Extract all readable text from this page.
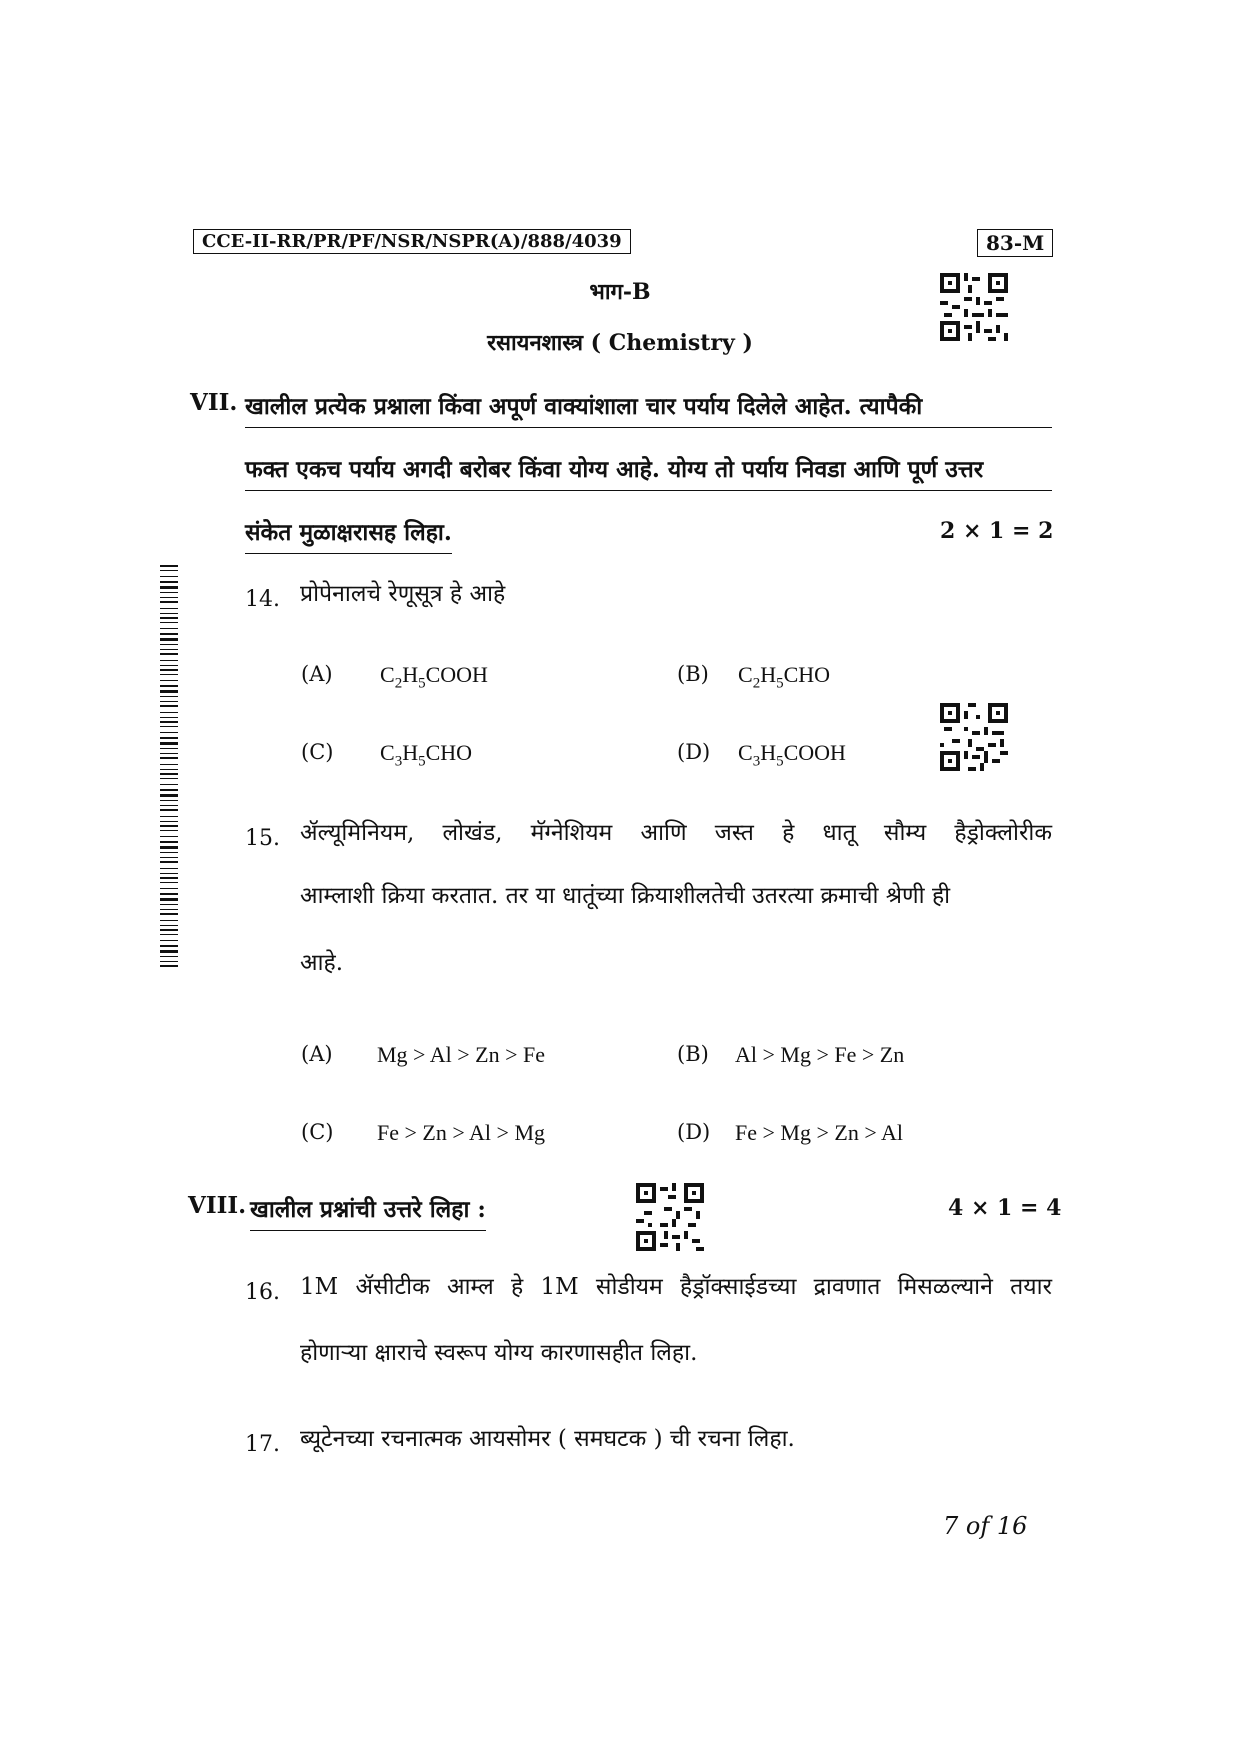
CCE-II-RR/PR/PF/NSR/NSPR(A)/888/4039	83-M
भाग-B
रसायनशास्त्र ( Chemistry )
VII. खालील प्रत्येक प्रश्नाला किंवा अपूर्ण वाक्यांशाला चार पर्याय दिलेले आहेत. त्यापैकी
फक्त एकच पर्याय अगदी बरोबर किंवा योग्य आहे. योग्य तो पर्याय निवडा आणि पूर्ण उत्तर
संकेत मुळाक्षरासह लिहा.	2 × 1 = 2
14. प्रोपेनालचे रेणूसूत्र हे आहे
(A) $C_2H_5COOH$	(B) $C_2H_5CHO$
(C) $C_3H_5CHO$	(D) $C_3H_5COOH$
15. ॲल्यूमिनियम, लोखंड, मॅग्नेशियम आणि जस्त हे धातू सौम्य हैड्रोक्लोरीक
आम्लाशी क्रिया करतात. तर या धातूंच्या क्रियाशीलतेची उतरत्या क्रमाची श्रेणी ही
आहे.
(A) Mg > Al > Zn > Fe	(B) Al > Mg > Fe > Zn
(C) Fe > Zn > Al > Mg	(D) Fe > Mg > Zn > Al
VIII. खालील प्रश्नांची उत्तरे लिहा :	4 × 1 = 4
16. 1M ॲसीटीक आम्ल हे 1M सोडीयम हैड्रॉक्साईडच्या द्रावणात मिसळल्याने तयार
होणाऱ्या क्षाराचे स्वरूप योग्य कारणासहीत लिहा.
17. ब्यूटेनच्या रचनात्मक आयसोमर ( समघटक ) ची रचना लिहा.
7 of 16
